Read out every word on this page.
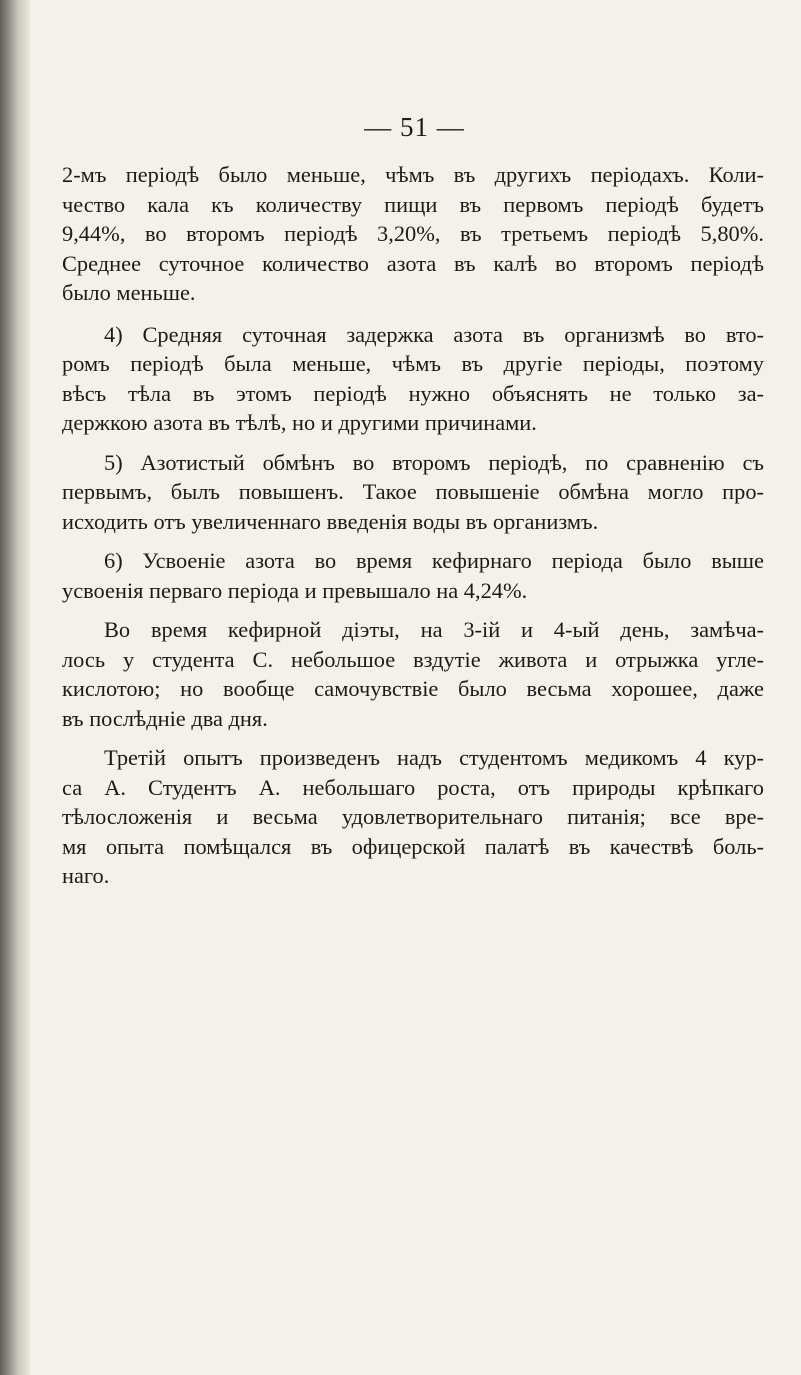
— 51 —

2-мъ періодѣ было меньше, чѣмъ въ другихъ періодахъ. Коли-
чество кала къ количеству пищи въ первомъ періодѣ будетъ
9,44%, во второмъ періодѣ 3,20%, въ третьемъ періодѣ 5,80%.
Среднее суточное количество азота въ калѣ во второмъ періодѣ
было меньше.

4) Средняя суточная задержка азота въ организмѣ во вто-
ромъ періодѣ была меньше, чѣмъ въ другіе періоды, поэтому
вѣсъ тѣла въ этомъ періодѣ нужно объяснять не только за-
держкою азота въ тѣлѣ, но и другими причинами.

5) Азотистый обмѣнъ во второмъ періодѣ, по сравненію съ
первымъ, былъ повышенъ. Такое повышеніе обмѣна могло про-
исходить отъ увеличеннаго введенія воды въ организмъ.

6) Усвоеніе азота во время кефирнаго періода было выше
усвоенія перваго періода и превышало на 4,24%.

Во время кефирной діэты, на 3-ій и 4-ый день, замѣча-
лось у студента С. небольшое вздутіе живота и отрыжка угле-
кислотою; но вообще самочувствіе было весьма хорошее, даже
въ послѣдніе два дня.

Третій опытъ произведенъ надъ студентомъ медикомъ 4 кур-
са А. Студентъ А. небольшаго роста, отъ природы крѣпкаго
тѣлосложенія и весьма удовлетворительнаго питанія; все вре-
мя опыта помѣщался въ офицерской палатѣ въ качествѣ боль-
наго.
